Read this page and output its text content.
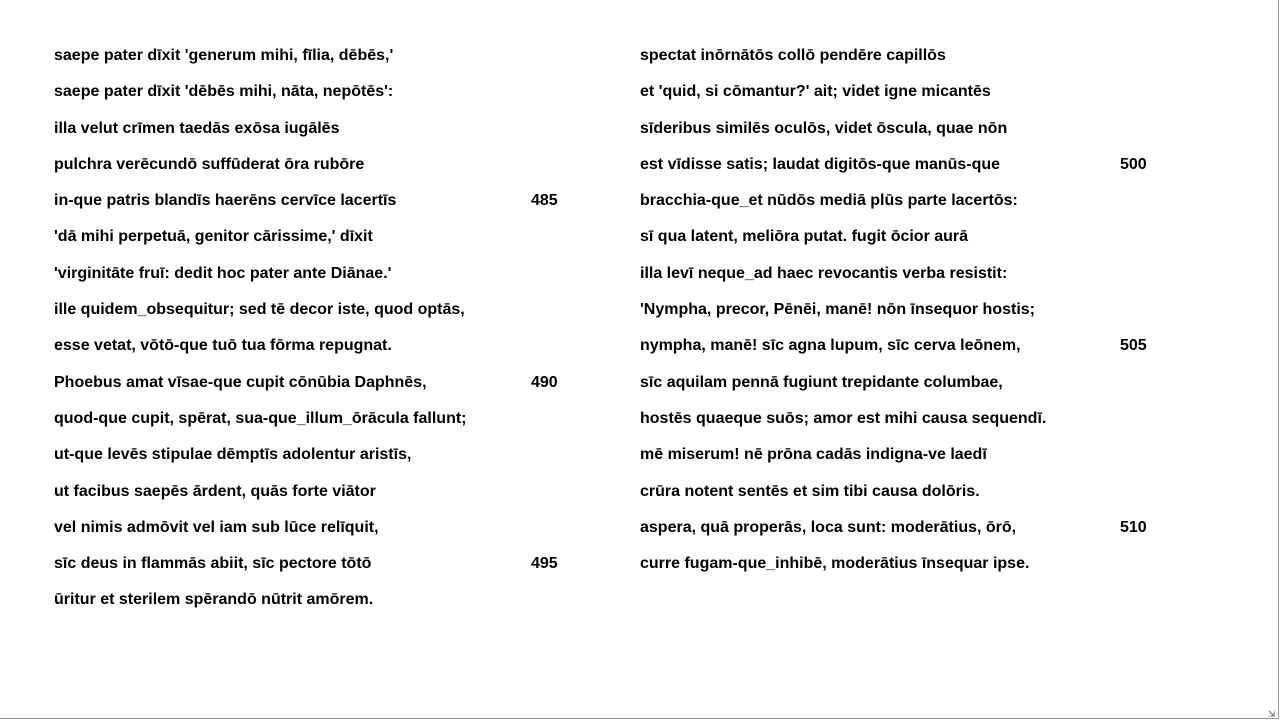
saepe pater dīxit 'generum mihi, fīlia, dēbēs,'
saepe pater dīxit 'dēbēs mihi, nāta, nepōtēs':
illa velut crīmen taedās exōsa iugālēs
pulchra verēcundō suffūderat ōra rubōre
in-que patris blandīs haerēns cervīce lacertīs	485
'dā mihi perpetuā, genitor cārissime,' dīxit
'virginitāte fruī: dedit hoc pater ante Diānae.'
ille quidem_obsequitur; sed tē decor iste, quod optās,
esse vetat, vōtō-que tuō tua fōrma repugnat.
Phoebus amat vīsae-que cupit cōnūbia Daphnēs,	490
quod-que cupit, spērat, sua-que_illum_ōrācula fallunt;
ut-que levēs stipulae dēmptīs adolentur aristīs,
ut facibus saepēs ārdent, quās forte viātor
vel nimis admōvit vel iam sub lūce relīquit,
sīc deus in flammās abiit, sīc pectore tōtō	495
ūritur et sterilem spērandō nūtrit amōrem.
spectat inōrnātōs collō pendēre capillōs
et 'quid, si cōmantur?' ait; videt igne micantēs
sīderibus similēs oculōs, videt ōscula, quae nōn
est vīdisse satis; laudat digitōs-que manūs-que	500
bracchia-que_et nūdōs mediā plūs parte lacertōs:
sī qua latent, meliōra putat. fugit ōcior aurā
illa levī neque_ad haec revocantis verba resistit:
'Nympha, precor, Pēnēi, manē! nōn īnsequor hostis;
nympha, manē! sīc agna lupum, sīc cerva leōnem,	505
sīc aquilam pennā fugiunt trepidante columbae,
hostēs quaeque suōs; amor est mihi causa sequendī.
mē miserum! nē prōna cadās indigna-ve laedī
crūra notent sentēs et sim tibi causa dolōris.
aspera, quā properās, loca sunt: moderātius, ōrō,	510
curre fugam-que_inhibē, moderātius īnsequar ipse.
⇲
